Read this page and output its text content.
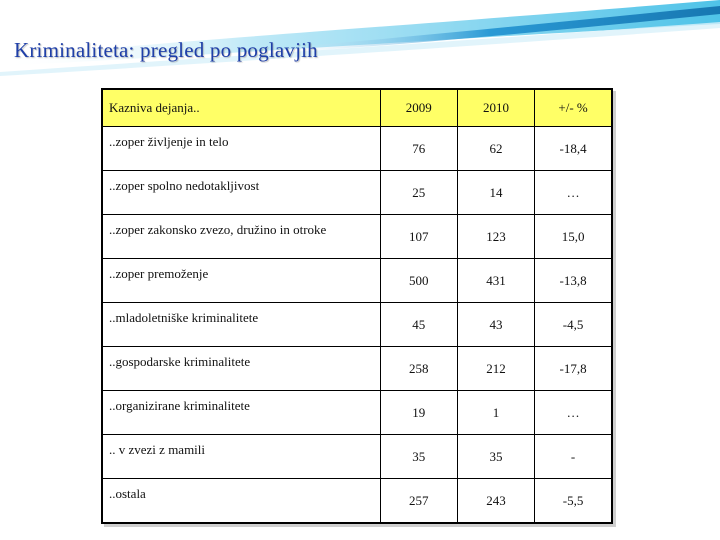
Kriminaliteta: pregled po poglavjih
Kazniva dejanja..	2009	2010	+/- %
..zoper življenje in telo	76	62	-18,4
..zoper spolno nedotakljivost	25	14	…
..zoper zakonsko zvezo, družino in otroke	107	123	15,0
..zoper premoženje	500	431	-13,8
..mladoletniške kriminalitete	45	43	-4,5
..gospodarske kriminalitete	258	212	-17,8
..organizirane kriminalitete	19	1	…
.. v zvezi z mamili	35	35	-
..ostala	257	243	-5,5
